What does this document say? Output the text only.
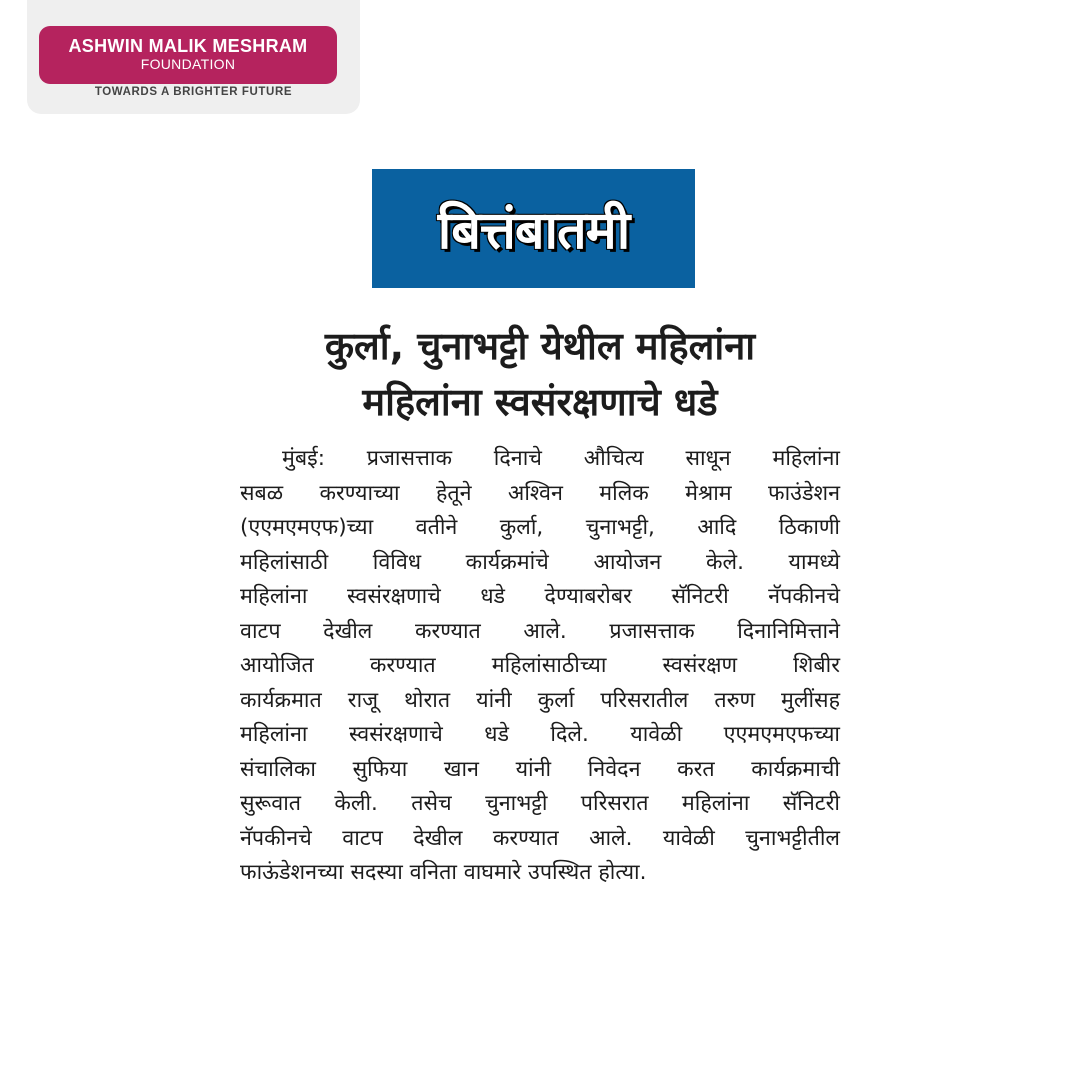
ASHWIN MALIK MESHRAM
FOUNDATION
TOWARDS A BRIGHTER FUTURE
बित्तंबातमी
कुर्ला, चुनाभट्टी येथील महिलांना
महिलांना स्वसंरक्षणाचे धडे
मुंबई: प्रजासत्ताक दिनाचे औचित्य साधून महिलांना
सबळ करण्याच्या हेतूने अश्विन मलिक मेश्राम फाउंडेशन
(एएमएमएफ)च्या वतीने कुर्ला, चुनाभट्टी, आदि ठिकाणी
महिलांसाठी विविध कार्यक्रमांचे आयोजन केले. यामध्ये
महिलांना स्वसंरक्षणाचे धडे देण्याबरोबर सॅनिटरी नॅपकीनचे
वाटप देखील करण्यात आले. प्रजासत्ताक दिनानिमित्ताने
आयोजित करण्यात महिलांसाठीच्या स्वसंरक्षण शिबीर
कार्यक्रमात राजू थोरात यांनी कुर्ला परिसरातील तरुण मुलींसह
महिलांना स्वसंरक्षणाचे धडे दिले. यावेळी एएमएमएफच्या
संचालिका सुफिया खान यांनी निवेदन करत कार्यक्रमाची
सुरूवात केली. तसेच चुनाभट्टी परिसरात महिलांना सॅनिटरी
नॅपकीनचे वाटप देखील करण्यात आले. यावेळी चुनाभट्टीतील
फाऊंडेशनच्या सदस्या वनिता वाघमारे उपस्थित होत्या.
